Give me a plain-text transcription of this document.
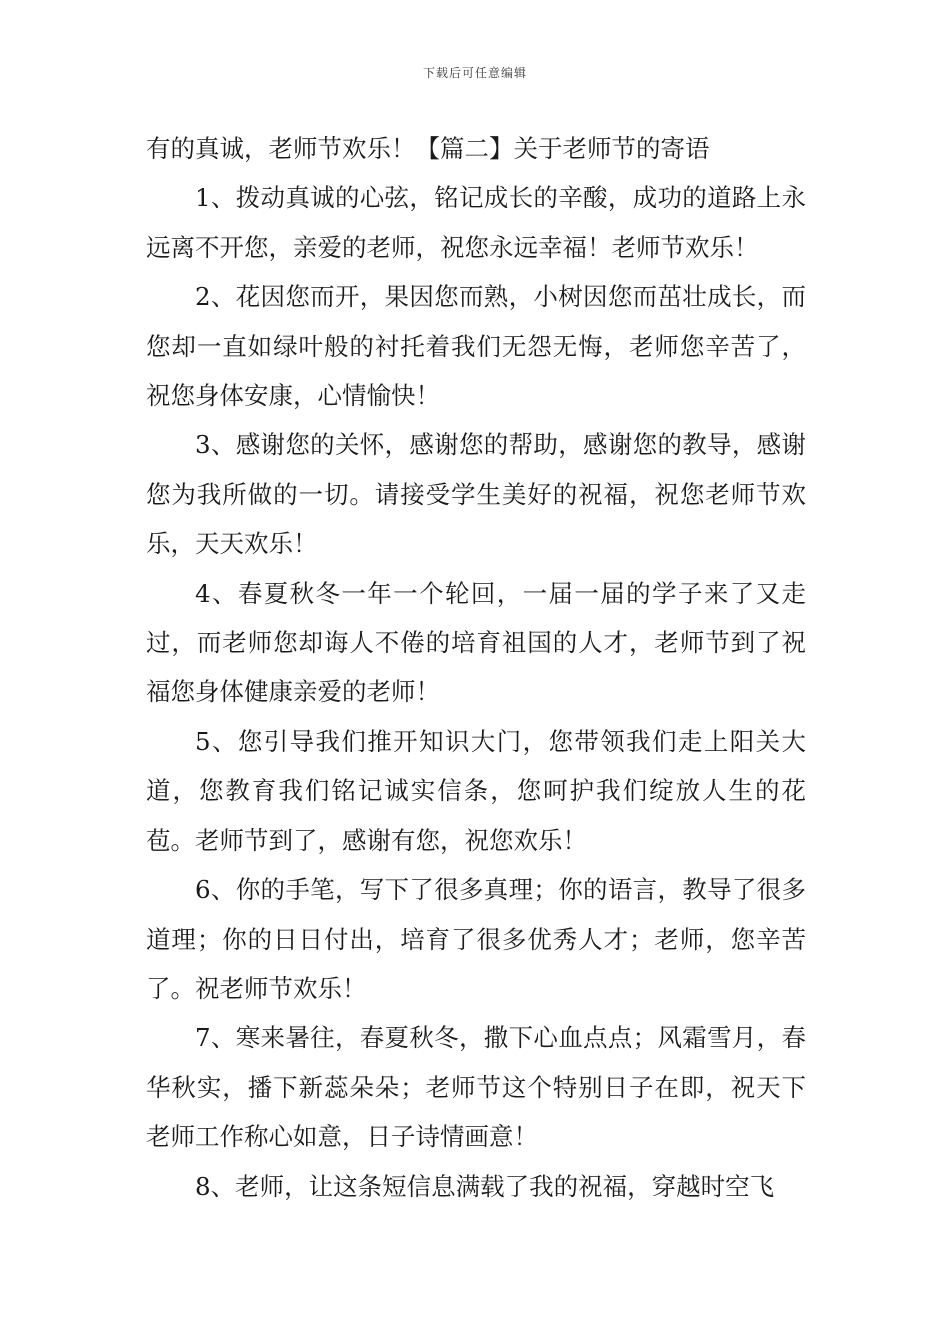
下载后可任意编辑

有的真诚，老师节欢乐！【篇二】关于老师节的寄语

1、拨动真诚的心弦，铭记成长的辛酸，成功的道路上永远离不开您，亲爱的老师，祝您永远幸福！老师节欢乐！

2、花因您而开，果因您而熟，小树因您而茁壮成长，而您却一直如绿叶般的衬托着我们无怨无悔，老师您辛苦了，祝您身体安康，心情愉快！

3、感谢您的关怀，感谢您的帮助，感谢您的教导，感谢您为我所做的一切。请接受学生美好的祝福，祝您老师节欢乐，天天欢乐！

4、春夏秋冬一年一个轮回，一届一届的学子来了又走过，而老师您却诲人不倦的培育祖国的人才，老师节到了祝福您身体健康亲爱的老师！

5、您引导我们推开知识大门，您带领我们走上阳关大道，您教育我们铭记诚实信条，您呵护我们绽放人生的花苞。老师节到了，感谢有您，祝您欢乐！

6、你的手笔，写下了很多真理；你的语言，教导了很多道理；你的日日付出，培育了很多优秀人才；老师，您辛苦了。祝老师节欢乐！

7、寒来暑往，春夏秋冬，撒下心血点点；风霜雪月，春华秋实，播下新蕊朵朵；老师节这个特别日子在即，祝天下老师工作称心如意，日子诗情画意！

8、老师，让这条短信息满载了我的祝福，穿越时空飞
